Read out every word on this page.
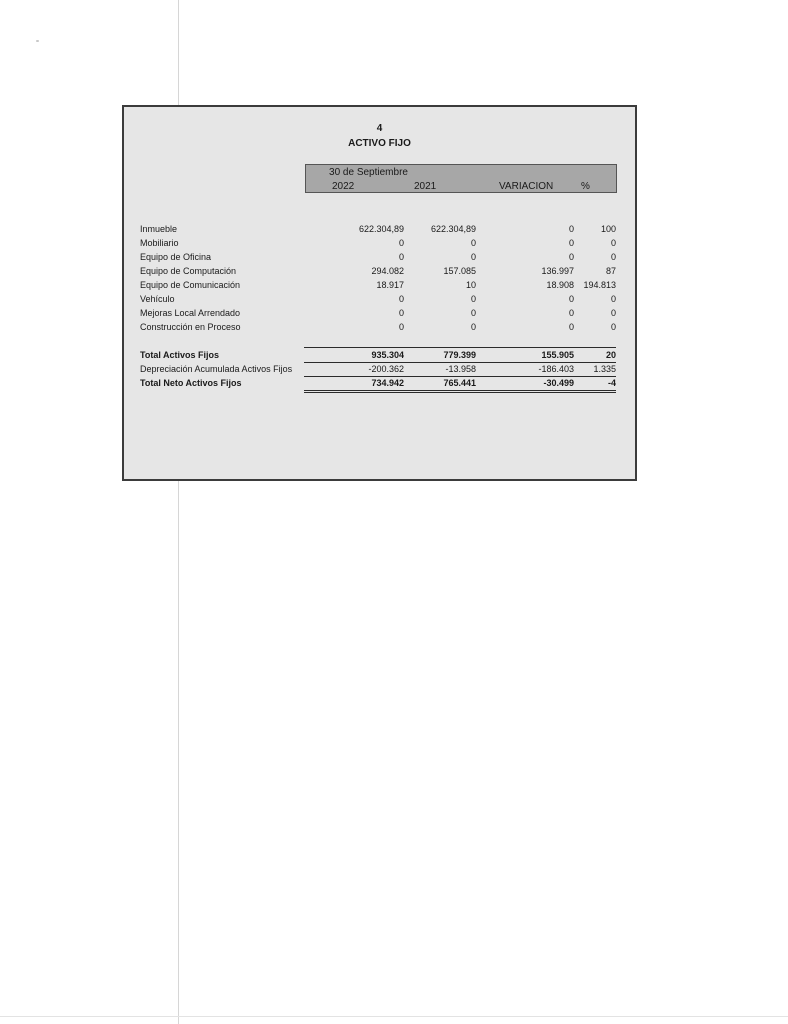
4
ACTIVO FIJO
30 de Septiembre
2022	2021	VARIACION	%
Inmueble	622.304,89	622.304,89	0	100
Mobiliario	0	0	0	0
Equipo de Oficina	0	0	0	0
Equipo de Computación	294.082	157.085	136.997	87
Equipo de Comunicación	18.917	10	18.908	194.813
Vehículo	0	0	0	0
Mejoras Local Arrendado	0	0	0	0
Construcción en Proceso	0	0	0	0
Total Activos Fijos	935.304	779.399	155.905	20
Depreciación Acumulada Activos Fijos	-200.362	-13.958	-186.403	1.335
Total Neto Activos Fijos	734.942	765.441	-30.499	-4
